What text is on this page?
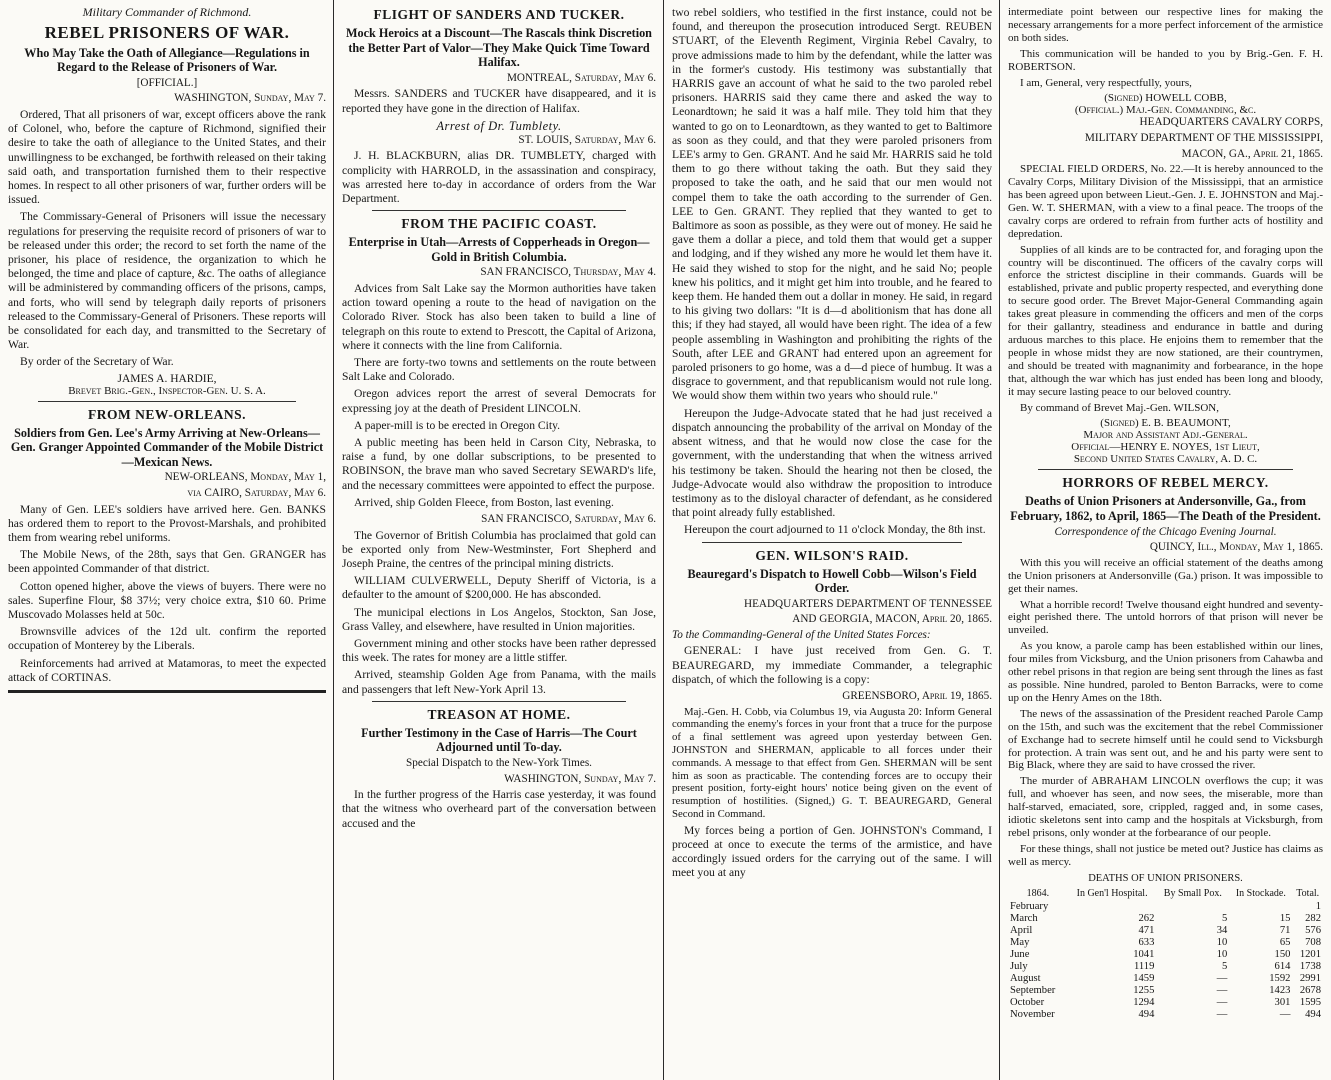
Military Commander of Richmond.
REBEL PRISONERS OF WAR.
Who May Take the Oath of Allegiance—Regulations in Regard to the Release of Prisoners of War.
[OFFICIAL.]
WASHINGTON, Sunday, May 7.

Ordered, That all prisoners of war, except officers above the rank of Colonel, who, before the capture of Richmond, signified their desire to take the oath of allegiance to the United States, and their unwillingness to be exchanged, be forthwith released on their taking said oath, and transportation furnished them to their respective homes. In respect to all other prisoners of war, further orders will be issued.

The Commissary-General of Prisoners will issue the necessary regulations for preserving the requisite record of prisoners of war to be released under this order; the record to set forth the name of the prisoner, his place of residence, the organization to which he belonged, the time and place of capture, &c. The oaths of allegiance will be administered by commanding officers of the prisons, camps, and forts, who will send by telegraph daily reports of prisoners released to the Commissary-General of Prisoners. These reports will be consolidated for each day, and transmitted to the Secretary of War.

By order of the Secretary of War.

JAMES A. HARDIE,
Brevet Brig.-Gen., Inspector-Gen. U. S. A.
FROM NEW-ORLEANS.
Soldiers from Gen. Lee's Army Arriving at New-Orleans—Gen. Granger Appointed Commander of the Mobile District—Mexican News.
NEW-ORLEANS, Monday, May 1,
via CAIRO, Saturday, May 6.

Many of Gen. LEE's soldiers have arrived here. Gen. BANKS has ordered them to report to the Provost-Marshals, and prohibited them from wearing rebel uniforms.

The Mobile News, of the 28th, says that Gen. GRANGER has been appointed Commander of that district.

Cotton opened higher, above the views of buyers. There were no sales. Superfine Flour, $8 37½; very choice extra, $10 60. Prime Muscovado Molasses held at 50c.

Brownsville advices of the 12d ult. confirm the reported occupation of Monterey by the Liberals.

Reinforcements had arrived at Matamoras, to meet the expected attack of CORTINAS.

FLIGHT OF SANDERS AND TUCKER.
Mock Heroics at a Discount—The Rascals think Discretion the Better Part of Valor—They Make Quick Time Toward Halifax.
MONTREAL, Saturday, May 6.

Messrs. SANDERS and TUCKER have disappeared, and it is reported they have gone in the direction of Halifax.

Arrest of Dr. Tumblety.
ST. LOUIS, Saturday, May 6.

J. H. BLACKBURN, alias DR. TUMBLETY, charged with complicity with HARROLD, in the assassination and conspiracy, was arrested here to-day in accordance of orders from the War Department.

FROM THE PACIFIC COAST.
Enterprise in Utah—Arrests of Copperheads in Oregon—Gold in British Columbia.
SAN FRANCISCO, Thursday, May 4.

Advices from Salt Lake say the Mormon authorities have taken action toward opening a route to the head of navigation on the Colorado River. Stock has also been taken to build a line of telegraph on this route to extend to Prescott, the Capital of Arizona, where it connects with the line from California.

There are forty-two towns and settlements on the route between Salt Lake and Colorado.

Oregon advices report the arrest of several Democrats for expressing joy at the death of President LINCOLN.

A paper-mill is to be erected in Oregon City.

A public meeting has been held in Carson City, Nebraska, to raise a fund, by one dollar subscriptions, to be presented to ROBINSON, the brave man who saved Secretary SEWARD's life, and the necessary committees were appointed to effect the purpose.

Arrived, ship Golden Fleece, from Boston, last evening.

SAN FRANCISCO, Saturday, May 6.

The Governor of British Columbia has proclaimed that gold can be exported only from New-Westminster, Fort Shepherd and Joseph Praine, the centres of the principal mining districts.

WILLIAM CULVERWELL, Deputy Sheriff of Victoria, is a defaulter to the amount of $200,000. He has absconded.

The municipal elections in Los Angelos, Stockton, San Jose, Grass Valley, and elsewhere, have resulted in Union majorities.

Government mining and other stocks have been rather depressed this week. The rates for money are a little stiffer.

Arrived, steamship Golden Age from Panama, with the mails and passengers that left New-York April 13.

TREASON AT HOME.
Further Testimony in the Case of Harris—The Court Adjourned until To-day.
Special Dispatch to the New-York Times.
WASHINGTON, Sunday, May 7.

In the further progress of the Harris case yesterday, it was found that the witness who overheard part of the conversation between accused and the

two rebel soldiers, who testified in the first instance, could not be found, and thereupon the prosecution introduced Sergt. REUBEN STUART, of the Eleventh Regiment, Virginia Rebel Cavalry, to prove admissions made to him by the defendant, while the latter was in the former's custody. His testimony was substantially that HARRIS gave an account of what he said to the two paroled rebel prisoners. HARRIS said they came there and asked the way to Leonardtown; he said it was a half mile. They told him that they wanted to go on to Leonardtown, as they wanted to get to Baltimore as soon as they could, and that they were paroled prisoners from LEE's army to Gen. GRANT. And he said Mr. HARRIS said he told them to go there without taking the oath. But they said they proposed to take the oath, and he said that our men would not compel them to take the oath according to the surrender of Gen. LEE to Gen. GRANT. They replied that they wanted to get to Baltimore as soon as possible, as they were out of money. He said he gave them a dollar a piece, and told them that would get a supper and lodging, and if they wished any more he would let them have it. He said they wished to stop for the night, and he said No; people knew his politics, and it might get him into trouble, and he feared to keep them. He handed them out a dollar in money. He said, in regard to his giving two dollars: "It is d—d abolitionism that has done all this; if they had stayed, all would have been right. The idea of a few people assembling in Washington and prohibiting the rights of the South, after LEE and GRANT had entered upon an agreement for paroled prisoners to go home, was a d—d piece of humbug. It was a disgrace to government, and that republicanism would not rule long. We would show them within two years who should rule."

Hereupon the Judge-Advocate stated that he had just received a dispatch announcing the probability of the arrival on Monday of the absent witness, and that he would now close the case for the government, with the understanding that when the witness arrived his testimony be taken. Should the hearing not then be closed, the Judge-Advocate would also withdraw the proposition to introduce testimony as to the disloyal character of defendant, as he considered that point already fully established.

Hereupon the court adjourned to 11 o'clock Monday, the 8th inst.

GEN. WILSON'S RAID.
Beauregard's Dispatch to Howell Cobb—Wilson's Field Order.
HEADQUARTERS DEPARTMENT OF TENNESSEE
AND GEORGIA, MACON, April 20, 1865.
To the Commanding-General of the United States Forces:

GENERAL: I have just received from Gen. G. T. BEAUREGARD, my immediate Commander, a telegraphic dispatch, of which the following is a copy:

GREENSBORO, April 19, 1865.

Maj.-Gen. H. Cobb, via Columbus 19, via Augusta 20: Inform General commanding the enemy's forces in your front that a truce for the purpose of a final settlement was agreed upon yesterday between Gen. JOHNSTON and SHERMAN, applicable to all forces under their commands. A message to that effect from Gen. SHERMAN will be sent him as soon as practicable. The contending forces are to occupy their present position, forty-eight hours' notice being given on the event of resumption of hostilities. (Signed,) G. T. BEAUREGARD, General Second in Command.

My forces being a portion of Gen. JOHNSTON's Command, I proceed at once to execute the terms of the armistice, and have accordingly issued orders for the carrying out of the same. I will meet you at any

intermediate point between our respective lines for making the necessary arrangements for a more perfect inforcement of the armistice on both sides.

This communication will be handed to you by Brig.-Gen. F. H. ROBERTSON.

I am, General, very respectfully, yours,

(Signed) HOWELL COBB,
(Official.) Maj.-Gen. Commanding, &c.
HEADQUARTERS CAVALRY CORPS,
MILITARY DEPARTMENT OF THE MISSISSIPPI,
MACON, GA., April 21, 1865.

SPECIAL FIELD ORDERS, No. 22.—It is hereby announced to the Cavalry Corps, Military Division of the Mississippi, that an armistice has been agreed upon between Lieut.-Gen. J. E. JOHNSTON and Maj.-Gen. W. T. SHERMAN, with a view to a final peace. The troops of the cavalry corps are ordered to refrain from further acts of hostility and depredation.

Supplies of all kinds are to be contracted for, and foraging upon the country will be discontinued. The officers of the cavalry corps will enforce the strictest discipline in their commands. Guards will be established, private and public property respected, and everything done to secure good order. The Brevet Major-General Commanding again takes great pleasure in commending the officers and men of the corps for their gallantry, steadiness and endurance in battle and during arduous marches to this place. He enjoins them to remember that the people in whose midst they are now stationed, are their countrymen, and should be treated with magnanimity and forbearance, in the hope that, although the war which has just ended has been long and bloody, it may secure lasting peace to our beloved country.

By command of Brevet Maj.-Gen. WILSON,

(Signed) E. B. BEAUMONT,
Major and Assistant Adj.-General.
Official—HENRY E. NOYES, 1st Lieut,
Second United States Cavalry, A. D. C.
HORRORS OF REBEL MERCY.
Deaths of Union Prisoners at Andersonville, Ga., from February, 1862, to April, 1865—The Death of the President.
Correspondence of the Chicago Evening Journal.
QUINCY, Ill., Monday, May 1, 1865.

With this you will receive an official statement of the deaths among the Union prisoners at Andersonville (Ga.) prison. It was impossible to get their names.

What a horrible record! Twelve thousand eight hundred and seventy-eight perished there. The untold horrors of that prison will never be unveiled.

As you know, a parole camp has been established within our lines, four miles from Vicksburg, and the Union prisoners from Cahawba and other rebel prisons in that region are being sent through the lines as fast as possible. Nine hundred, paroled to Benton Barracks, were to come up on the Henry Ames on the 18th.

The news of the assassination of the President reached Parole Camp on the 15th, and such was the excitement that the rebel Commissioner of Exchange had to secrete himself until he could send to Vicksburgh for protection. A train was sent out, and he and his party were sent to Big Black, where they are said to have crossed the river.

The murder of ABRAHAM LINCOLN overflows the cup; it was full, and whoever has seen, and now sees, the miserable, more than half-starved, emaciated, sore, crippled, ragged and, in some cases, idiotic skeletons sent into camp and the hospitals at Vicksburgh, from rebel prisons, only wonder at the forbearance of our people.

For these things, shall not justice be meted out? Justice has claims as well as mercy.

DEATHS OF UNION PRISONERS.
1864.	In Gen'l Hospital.	By Small Pox.	In Stockade.	Total.
February				1
March	262	5	15	282
April	471	34	71	576
May	633	10	65	708
June	1041	10	150	1201
July	1119	5	614	1738
August	1459	—	1592	2991
September	1255	—	1423	2678
October	1294	—	301	1595
November	494	—	—	494
